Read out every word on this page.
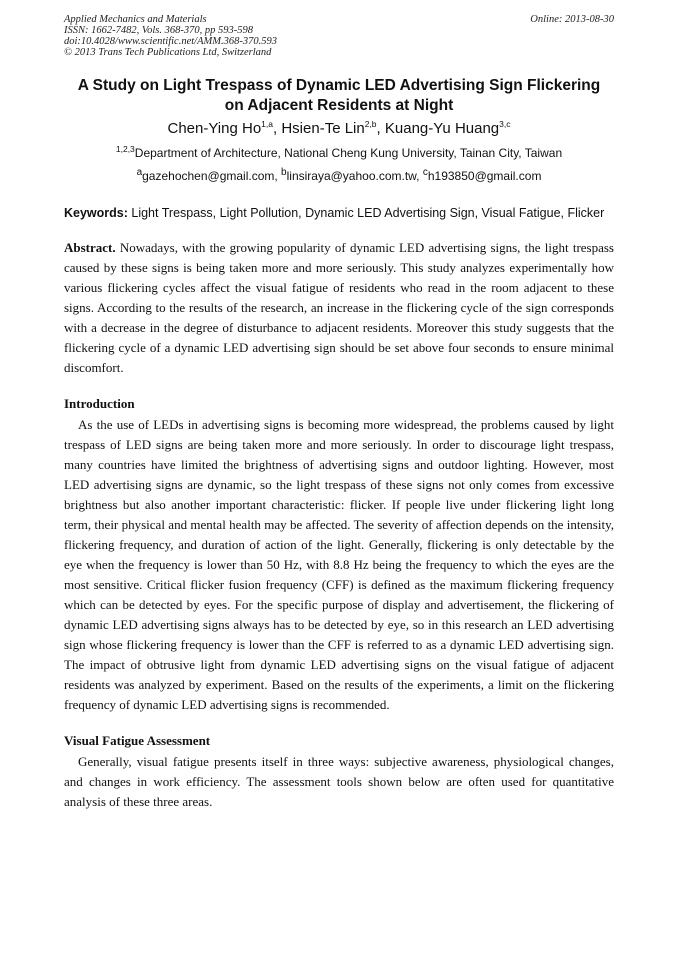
Applied Mechanics and Materials
ISSN: 1662-7482, Vols. 368-370, pp 593-598
doi:10.4028/www.scientific.net/AMM.368-370.593
© 2013 Trans Tech Publications Ltd, Switzerland
Online: 2013-08-30
A Study on Light Trespass of Dynamic LED Advertising Sign Flickering
on Adjacent Residents at Night
Chen-Ying Ho$^{1,a}$, Hsien-Te Lin$^{2,b}$, Kuang-Yu Huang$^{3,c}$
$^{1,2,3}$Department of Architecture, National Cheng Kung University, Tainan City, Taiwan
$^a$gazehochen@gmail.com, $^b$linsiraya@yahoo.com.tw, $^c$h193850@gmail.com
Keywords: Light Trespass, Light Pollution, Dynamic LED Advertising Sign, Visual Fatigue, Flicker

Abstract. Nowadays, with the growing popularity of dynamic LED advertising signs, the light trespass caused by these signs is being taken more and more seriously. This study analyzes experimentally how various flickering cycles affect the visual fatigue of residents who read in the room adjacent to these signs. According to the results of the research, an increase in the flickering cycle of the sign corresponds with a decrease in the degree of disturbance to adjacent residents. Moreover this study suggests that the flickering cycle of a dynamic LED advertising sign should be set above four seconds to ensure minimal discomfort.

Introduction

As the use of LEDs in advertising signs is becoming more widespread, the problems caused by light trespass of LED signs are being taken more and more seriously. In order to discourage light trespass, many countries have limited the brightness of advertising signs and outdoor lighting. However, most LED advertising signs are dynamic, so the light trespass of these signs not only comes from excessive brightness but also another important characteristic: flicker. If people live under flickering light long term, their physical and mental health may be affected. The severity of affection depends on the intensity, flickering frequency, and duration of action of the light. Generally, flickering is only detectable by the eye when the frequency is lower than 50 Hz, with 8.8 Hz being the frequency to which the eyes are the most sensitive. Critical flicker fusion frequency (CFF) is defined as the maximum flickering frequency which can be detected by eyes. For the specific purpose of display and advertisement, the flickering of dynamic LED advertising signs always has to be detected by eye, so in this research an LED advertising sign whose flickering frequency is lower than the CFF is referred to as a dynamic LED advertising sign. The impact of obtrusive light from dynamic LED advertising signs on the visual fatigue of adjacent residents was analyzed by experiment. Based on the results of the experiments, a limit on the flickering frequency of dynamic LED advertising signs is recommended.

Visual Fatigue Assessment

Generally, visual fatigue presents itself in three ways: subjective awareness, physiological changes, and changes in work efficiency. The assessment tools shown below are often used for quantitative analysis of these three areas.
